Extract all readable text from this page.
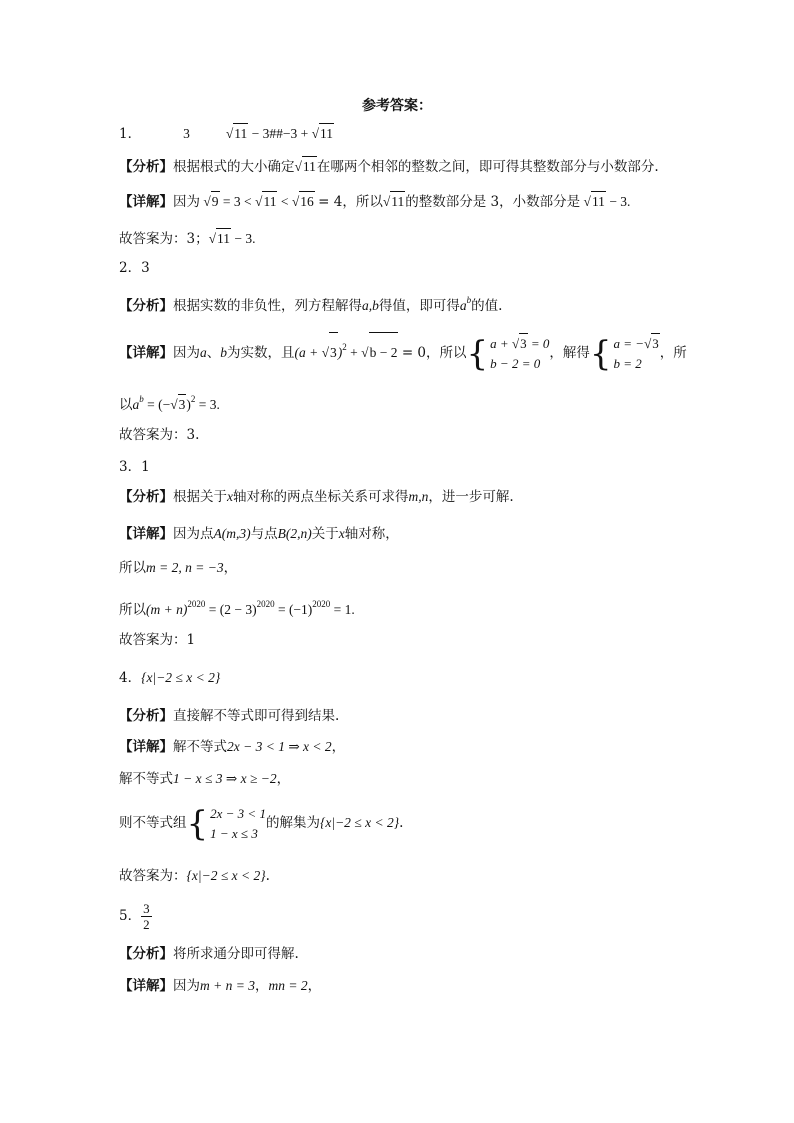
参考答案：
1．	3	√11 − 3##−3 + √11
【分析】根据根式的大小确定√11在哪两个相邻的整数之间，即可得其整数部分与小数部分.
【详解】因为 √9 = 3 < √11 < √16 = 4，所以√11的整数部分是 3，小数部分是 √11 − 3.
故答案为：3；√11 − 3.
2．3
【分析】根据实数的非负性，列方程解得a,b得值，即可得$a^b$的值.
【详解】因为a、b为实数，且$(a + √3)^2 + √b - 2 = 0$，所以 { a + √3 = 0
b − 2 = 0
，解得 { a = −√3
b = 2
，所
以$a^b = (-√3)^2 = 3$.
故答案为：3.
3．1
【分析】根据关于x轴对称的两点坐标关系可求得m,n，进一步可解.
【详解】因为点A(m,3)与点B(2,n)关于x轴对称，
所以m = 2, n = −3，
所以$(m + n)^{2020} = (2 - 3)^{2020} = (-1)^{2020} = 1$.
故答案为：1
4．{x|−2 ≤ x < 2}
【分析】直接解不等式即可得到结果.
【详解】解不等式2x − 3 < 1 ⇒ x < 2，
解不等式1 − x ≤ 3 ⇒ x ≥ −2，
则不等式组 { 2x − 3 < 1
1 − x ≤ 3
的解集为{x|−2 ≤ x < 2}.
故答案为：{x|−2 ≤ x < 2}.
5． $\frac{3}{2}$
【分析】将所求通分即可得解.
【详解】因为m + n = 3，mn = 2，
